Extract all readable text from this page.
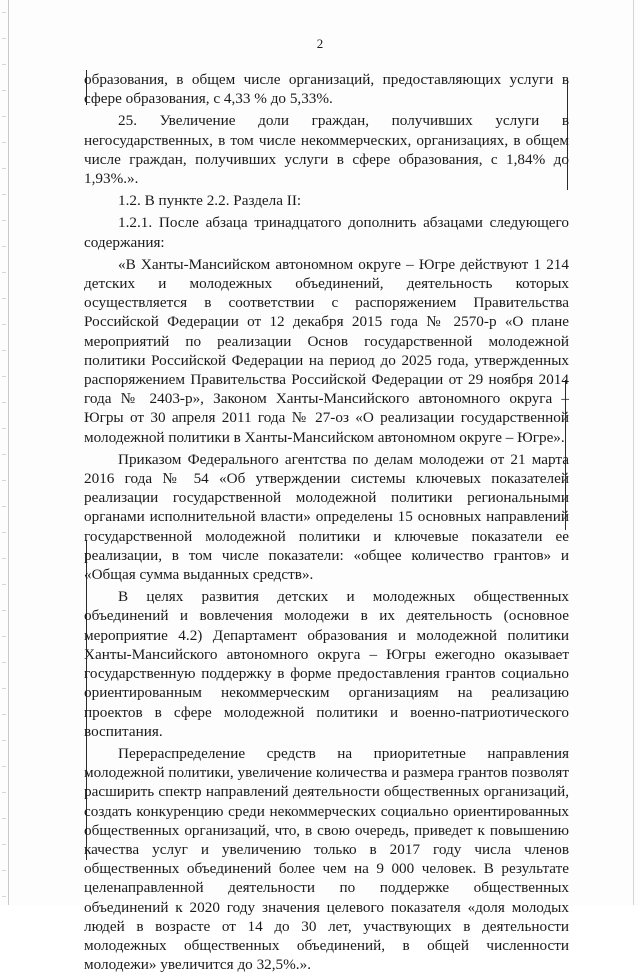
2

образования, в общем числе организаций, предоставляющих услуги в сфере образования, с 4,33 % до 5,33%.

25. Увеличение доли граждан, получивших услуги в негосударственных, в том числе некоммерческих, организациях, в общем числе граждан, получивших услуги в сфере образования, с 1,84% до 1,93%.».

1.2. В пункте 2.2. Раздела II:

1.2.1. После абзаца тринадцатого дополнить абзацами следующего содержания:

«В Ханты-Мансийском автономном округе – Югре действуют 1 214 детских и молодежных объединений, деятельность которых осуществляется в соответствии с распоряжением Правительства Российской Федерации от 12 декабря 2015 года № 2570-р «О плане мероприятий по реализации Основ государственной молодежной политики Российской Федерации на период до 2025 года, утвержденных распоряжением Правительства Российской Федерации от 29 ноября 2014 года № 2403-р», Законом Ханты-Мансийского автономного округа – Югры от 30 апреля 2011 года № 27-оз «О реализации государственной молодежной политики в Ханты-Мансийском автономном округе – Югре».

Приказом Федерального агентства по делам молодежи от 21 марта 2016 года № 54 «Об утверждении системы ключевых показателей реализации государственной молодежной политики региональными органами исполнительной власти» определены 15 основных направлений государственной молодежной политики и ключевые показатели ее реализации, в том числе показатели: «общее количество грантов» и «Общая сумма выданных средств».

В целях развития детских и молодежных общественных объединений и вовлечения молодежи в их деятельность (основное мероприятие 4.2) Департамент образования и молодежной политики Ханты-Мансийского автономного округа – Югры ежегодно оказывает государственную поддержку в форме предоставления грантов социально ориентированным некоммерческим организациям на реализацию проектов в сфере молодежной политики и военно-патриотического воспитания.

Перераспределение средств на приоритетные направления молодежной политики, увеличение количества и размера грантов позволят расширить спектр направлений деятельности общественных организаций, создать конкуренцию среди некоммерческих социально ориентированных общественных организаций, что, в свою очередь, приведет к повышению качества услуг и увеличению только в 2017 году числа членов общественных объединений более чем на 9 000 человек. В результате целенаправленной деятельности по поддержке общественных объединений к 2020 году значения целевого показателя «доля молодых людей в возрасте от 14 до 30 лет, участвующих в деятельности молодежных общественных объединений, в общей численности молодежи» увеличится до 32,5%.».
